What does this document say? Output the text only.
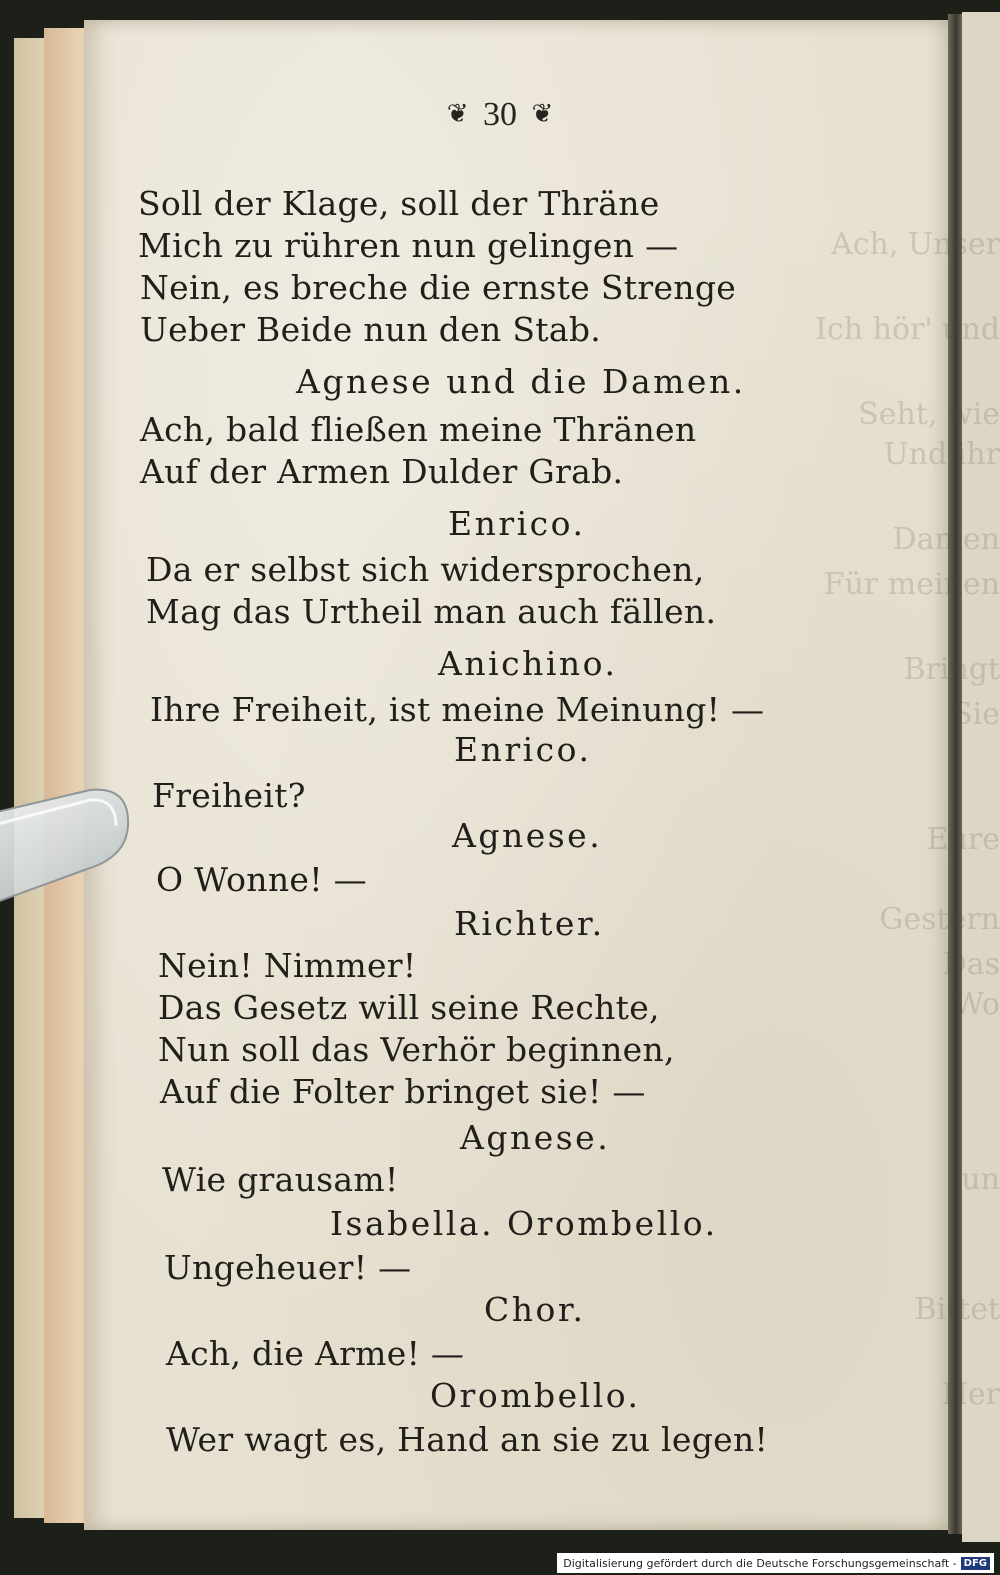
Ach, Unser
Ich hör' und
Seht, wie
Und ihr
Damen
Für meinen
Bringt
Sie
Eure
Gestern
Das
Wo
un
Bittet
Her
❦ 30 ❦
Soll der Klage, soll der Thräne
Mich zu rühren nun gelingen —
Nein, es breche die ernste Strenge
Ueber Beide nun den Stab.
Agnese und die Damen.
Ach, bald fließen meine Thränen
Auf der Armen Dulder Grab.
Enrico.
Da er selbst sich widersprochen,
Mag das Urtheil man auch fällen.
Anichino.
Ihre Freiheit, ist meine Meinung! —
Enrico.
Freiheit?
Agnese.
O Wonne! —
Richter.
Nein! Nimmer!
Das Gesetz will seine Rechte,
Nun soll das Verhör beginnen,
Auf die Folter bringet sie! —
Agnese.
Wie grausam!
Isabella. Orombello.
Ungeheuer! —
Chor.
Ach, die Arme! —
Orombello.
Wer wagt es, Hand an sie zu legen!
Digitalisierung gefördert durch die Deutsche Forschungsgemeinschaft - DFG
